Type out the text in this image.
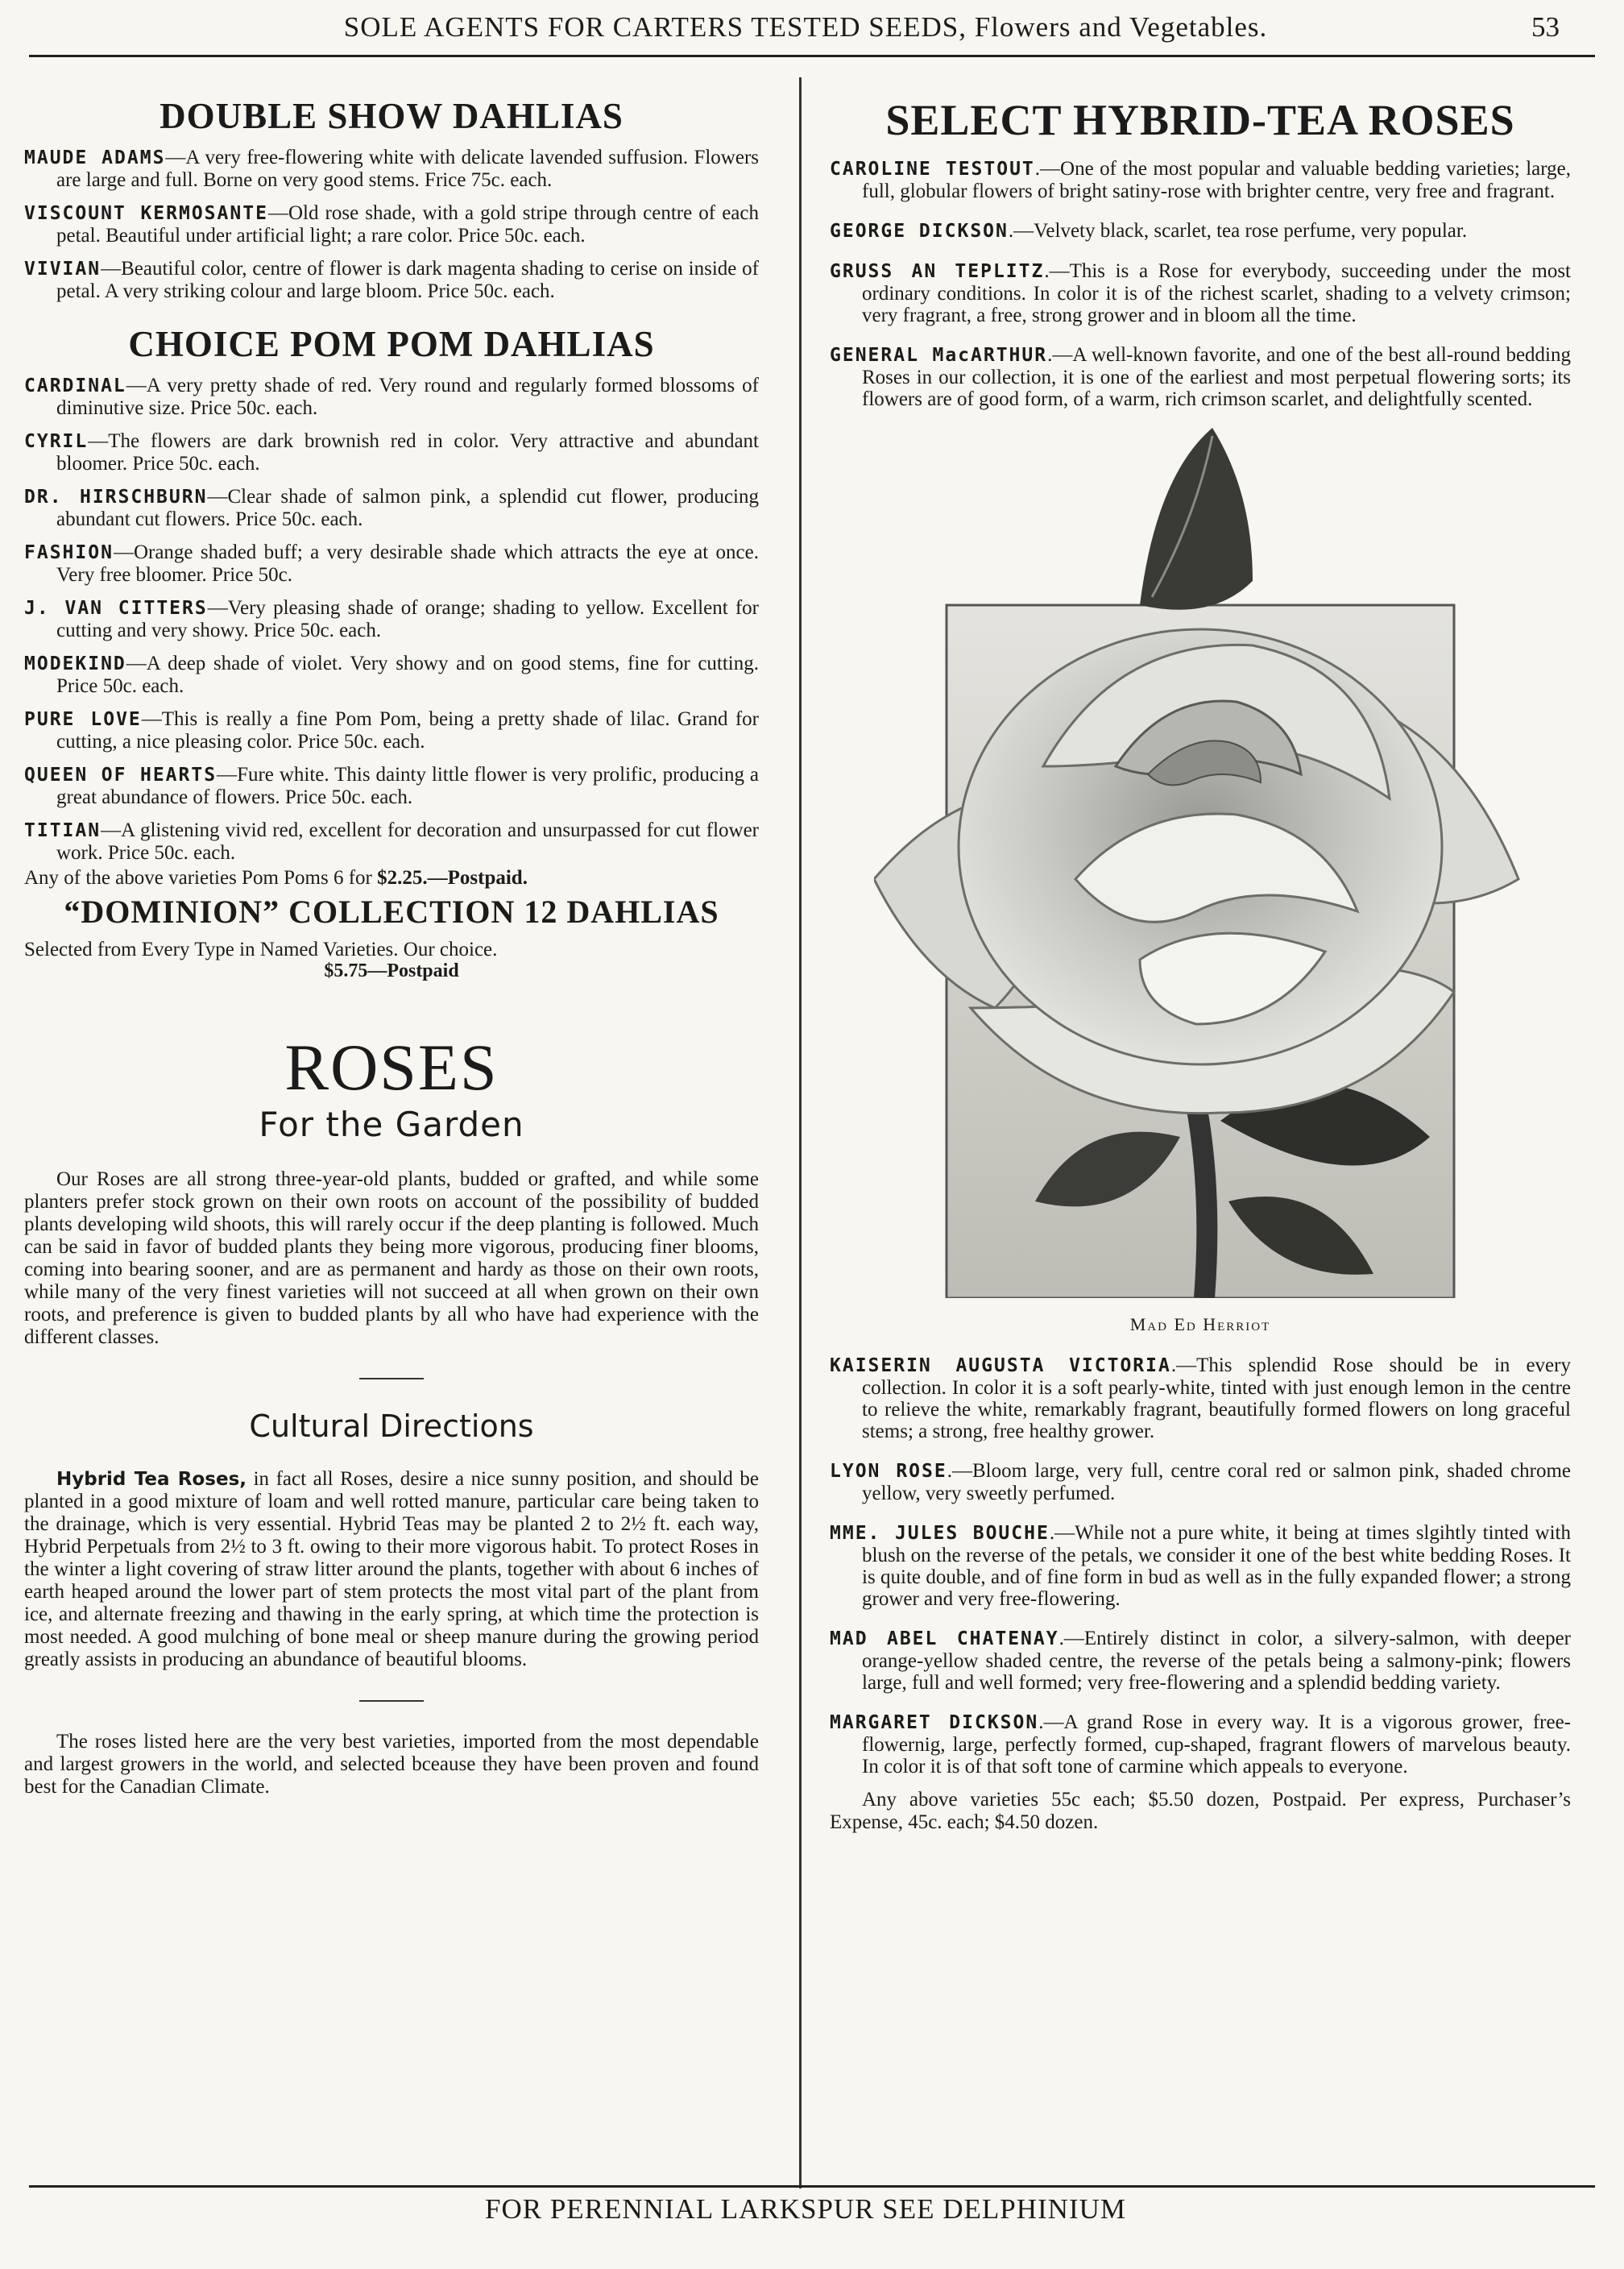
SOLE AGENTS FOR CARTERS TESTED SEEDS, Flowers and Vegetables.	53
DOUBLE SHOW DAHLIAS

MAUDE ADAMS—A very free-flowering white with delicate lavended suffusion. Flowers are large and full. Borne on very good stems. Frice 75c. each.

VISCOUNT KERMOSANTE—Old rose shade, with a gold stripe through centre of each petal. Beautiful under artificial light; a rare color. Price 50c. each.

VIVIAN—Beautiful color, centre of flower is dark magenta shading to cerise on inside of petal. A very striking colour and large bloom. Price 50c. each.

CHOICE POM POM DAHLIAS

CARDINAL—A very pretty shade of red. Very round and regularly formed blossoms of diminutive size. Price 50c. each.

CYRIL—The flowers are dark brownish red in color. Very attractive and abundant bloomer. Price 50c. each.

DR. HIRSCHBURN—Clear shade of salmon pink, a splendid cut flower, producing abundant cut flowers. Price 50c. each.

FASHION—Orange shaded buff; a very desirable shade which attracts the eye at once. Very free bloomer. Price 50c.

J. VAN CITTERS—Very pleasing shade of orange; shading to yellow. Excellent for cutting and very showy. Price 50c. each.

MODEKIND—A deep shade of violet. Very showy and on good stems, fine for cutting. Price 50c. each.

PURE LOVE—This is really a fine Pom Pom, being a pretty shade of lilac. Grand for cutting, a nice pleasing color. Price 50c. each.

QUEEN OF HEARTS—Fure white. This dainty little flower is very prolific, producing a great abundance of flowers. Price 50c. each.

TITIAN—A glistening vivid red, excellent for decoration and unsurpassed for cut flower work. Price 50c. each.

Any of the above varieties Pom Poms 6 for $2.25.—Postpaid.

“DOMINION” COLLECTION 12 DAHLIAS
Selected from Every Type in Named Varieties. Our choice.
$5.75—Postpaid
ROSES
For the Garden

Our Roses are all strong three-year-old plants, budded or grafted, and while some planters prefer stock grown on their own roots on account of the possibility of budded plants developing wild shoots, this will rarely occur if the deep planting is followed. Much can be said in favor of budded plants they being more vigorous, producing finer blooms, coming into bearing sooner, and are as permanent and hardy as those on their own roots, while many of the very finest varieties will not succeed at all when grown on their own roots, and preference is given to budded plants by all who have had experience with the different classes.

Cultural Directions

Hybrid Tea Roses, in fact all Roses, desire a nice sunny position, and should be planted in a good mixture of loam and well rotted manure, particular care being taken to the drainage, which is very essential. Hybrid Teas may be planted 2 to 2½ ft. each way, Hybrid Perpetuals from 2½ to 3 ft. owing to their more vigorous habit. To protect Roses in the winter a light covering of straw litter around the plants, together with about 6 inches of earth heaped around the lower part of stem protects the most vital part of the plant from ice, and alternate freezing and thawing in the early spring, at which time the protection is most needed. A good mulching of bone meal or sheep manure during the growing period greatly assists in producing an abundance of beautiful blooms.

The roses listed here are the very best varieties, imported from the most dependable and largest growers in the world, and selected bceause they have been proven and found best for the Canadian Climate.

SELECT HYBRID-TEA ROSES

CAROLINE TESTOUT.—One of the most popular and valuable bedding varieties; large, full, globular flowers of bright satiny-rose with brighter centre, very free and fragrant.

GEORGE DICKSON.—Velvety black, scarlet, tea rose perfume, very popular.

GRUSS AN TEPLITZ.—This is a Rose for everybody, succeeding under the most ordinary conditions. In color it is of the richest scarlet, shading to a velvety crimson; very fragrant, a free, strong grower and in bloom all the time.

GENERAL MacARTHUR.—A well-known favorite, and one of the best all-round bedding Roses in our collection, it is one of the earliest and most perpetual flowering sorts; its flowers are of good form, of a warm, rich crimson scarlet, and delightfully scented.

Mad Ed Herriot

KAISERIN AUGUSTA VICTORIA.—This splendid Rose should be in every collection. In color it is a soft pearly-white, tinted with just enough lemon in the centre to relieve the white, remarkably fragrant, beautifully formed flowers on long graceful stems; a strong, free healthy grower.

LYON ROSE.—Bloom large, very full, centre coral red or salmon pink, shaded chrome yellow, very sweetly perfumed.

MME. JULES BOUCHE.—While not a pure white, it being at times slgihtly tinted with blush on the reverse of the petals, we consider it one of the best white bedding Roses. It is quite double, and of fine form in bud as well as in the fully expanded flower; a strong grower and very free-flowering.

MAD ABEL CHATENAY.—Entirely distinct in color, a silvery-salmon, with deeper orange-yellow shaded centre, the reverse of the petals being a salmony-pink; flowers large, full and well formed; very free-flowering and a splendid bedding variety.

MARGARET DICKSON.—A grand Rose in every way. It is a vigorous grower, free-flowernig, large, perfectly formed, cup-shaped, fragrant flowers of marvelous beauty. In color it is of that soft tone of carmine which appeals to everyone.

Any above varieties 55c each; $5.50 dozen, Postpaid. Per express, Purchaser’s Expense, 45c. each; $4.50 dozen.

FOR PERENNIAL LARKSPUR SEE DELPHINIUM
